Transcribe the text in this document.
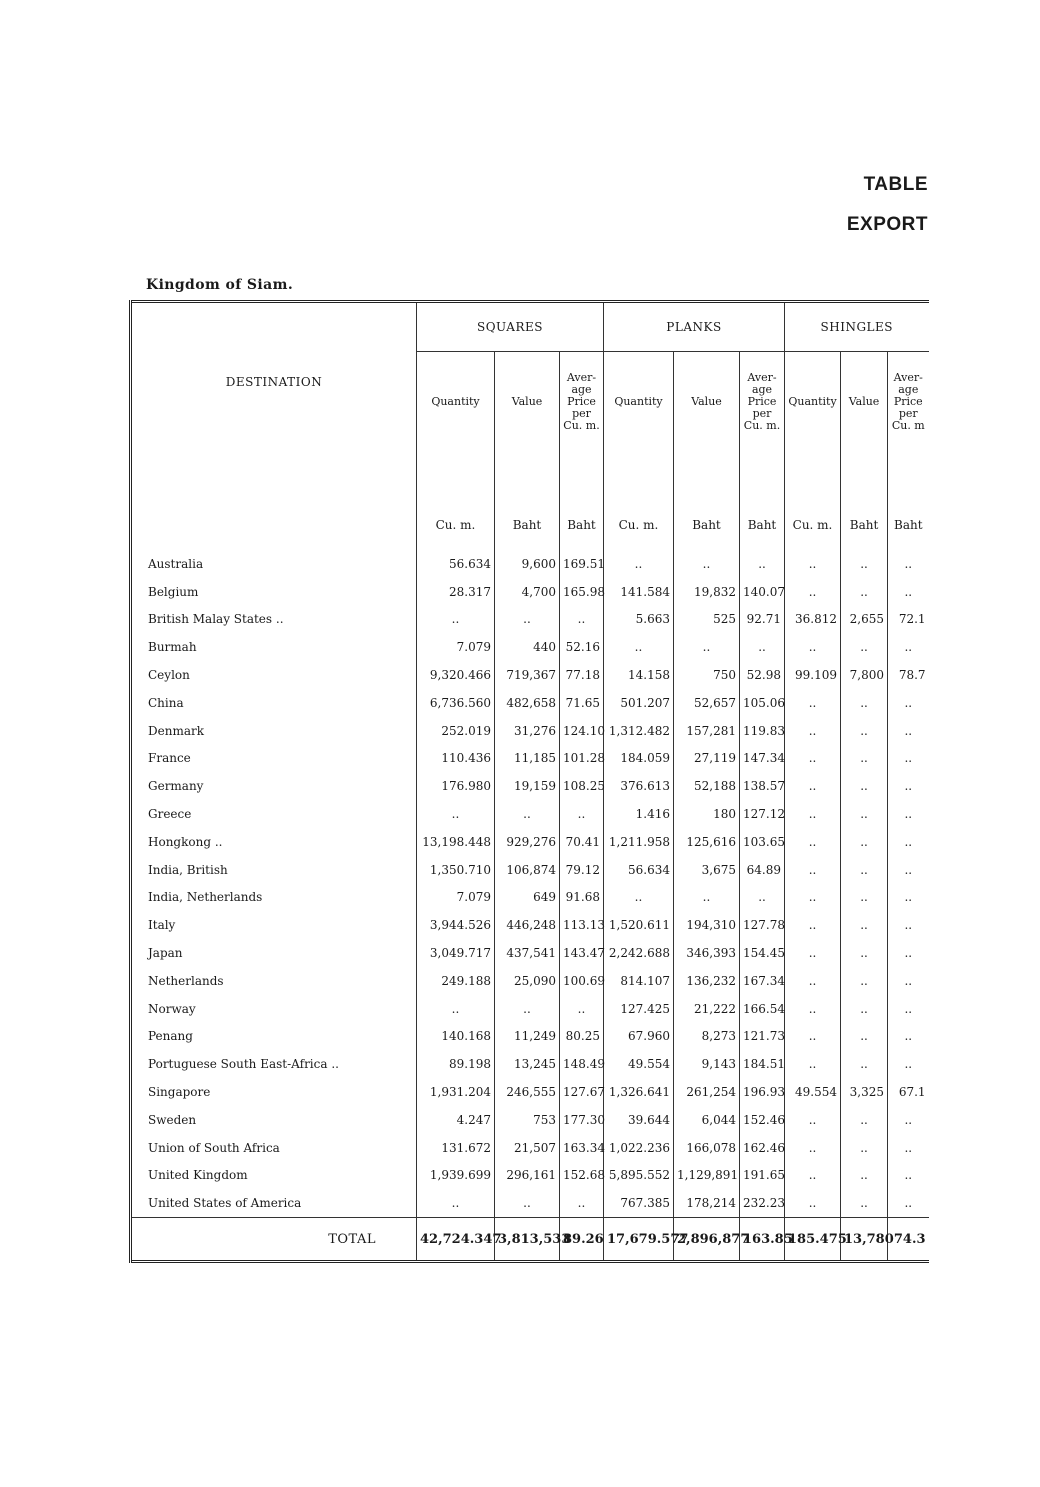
TABLE
EXPORT
Kingdom of Siam.
DESTINATION		SQUARES			PLANKS			SHINGLES		
		Quantity	Value	Aver- age Price per Cu. m.	Quantity	Value	Aver- age Price per Cu. m.	Quantity	Value	Aver- age Price per Cu. m
		Cu. m.	Baht	Baht	Cu. m.	Baht	Baht	Cu. m.	Baht	Baht
Australia		56.634	9,600	169.51	..	..	..	..	..	..
Belgium		28.317	4,700	165.98	141.584	19,832	140.07	..	..	..
British Malay States ..		..	..	..	5.663	525	92.71	36.812	2,655	72.1
Burmah		7.079	440	52.16	..	..	..	..	..	..
Ceylon		9,320.466	719,367	77.18	14.158	750	52.98	99.109	7,800	78.7
China		6,736.560	482,658	71.65	501.207	52,657	105.06	..	..	..
Denmark		252.019	31,276	124.10	1,312.482	157,281	119.83	..	..	..
France		110.436	11,185	101.28	184.059	27,119	147.34	..	..	..
Germany		176.980	19,159	108.25	376.613	52,188	138.57	..	..	..
Greece		..	..	..	1.416	180	127.12	..	..	..
Hongkong ..		13,198.448	929,276	70.41	1,211.958	125,616	103.65	..	..	..
India, British		1,350.710	106,874	79.12	56.634	3,675	64.89	..	..	..
India, Netherlands		7.079	649	91.68	..	..	..	..	..	..
Italy		3,944.526	446,248	113.13	1,520.611	194,310	127.78	..	..	..
Japan		3,049.717	437,541	143.47	2,242.688	346,393	154.45	..	..	..
Netherlands		249.188	25,090	100.69	814.107	136,232	167.34	..	..	..
Norway		..	..	..	127.425	21,222	166.54	..	..	..
Penang		140.168	11,249	80.25	67.960	8,273	121.73	..	..	..
Portuguese South East-Africa ..		89.198	13,245	148.49	49.554	9,143	184.51	..	..	..
Singapore		1,931.204	246,555	127.67	1,326.641	261,254	196.93	49.554	3,325	67.1
Sweden		4.247	753	177.30	39.644	6,044	152.46	..	..	..
Union of South Africa		131.672	21,507	163.34	1,022.236	166,078	162.46	..	..	..
United Kingdom		1,939.699	296,161	152.68	5,895.552	1,129,891	191.65	..	..	..
United States of America		..	..	..	767.385	178,214	232.23	..	..	..
TOTAL		42,724.347	3,813,533	89.26	17,679.577	2,896,877	163.85	185.475	13,780	74.3
